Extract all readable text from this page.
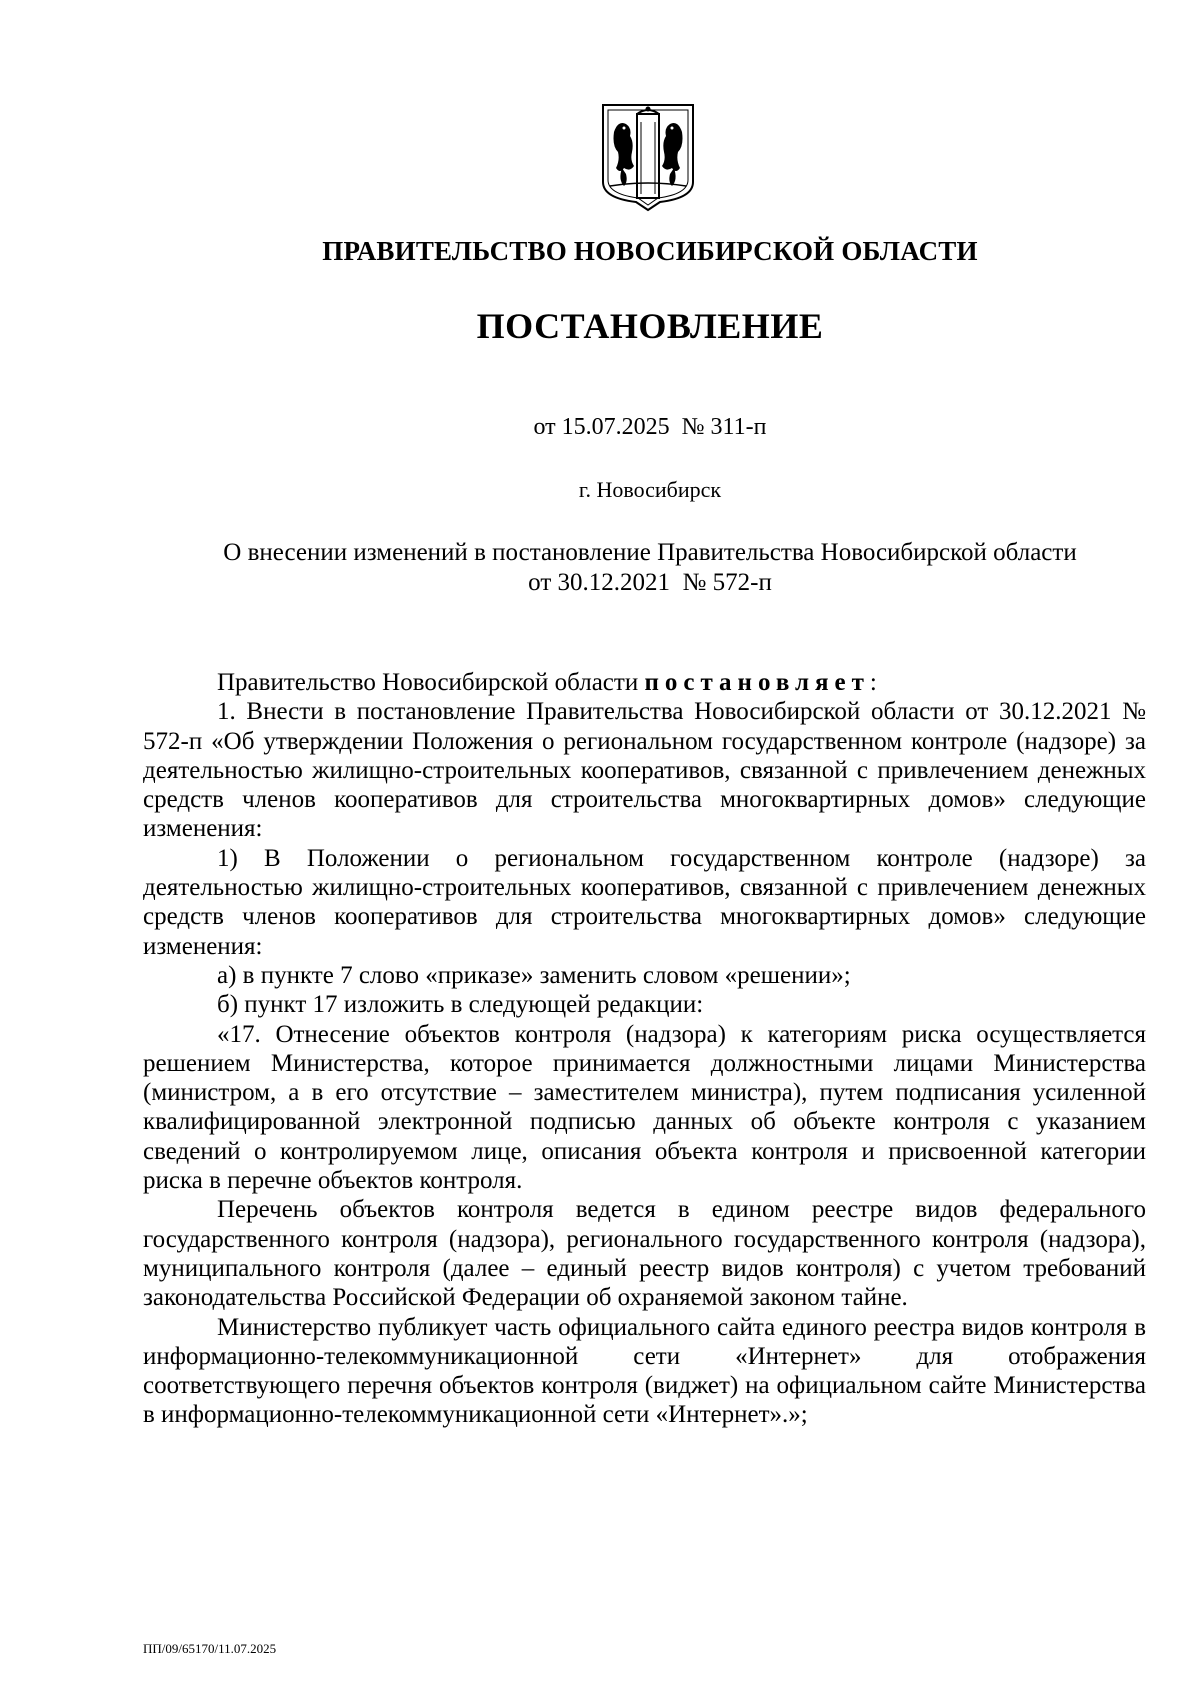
ПРАВИТЕЛЬСТВО НОВОСИБИРСКОЙ ОБЛАСТИ
ПОСТАНОВЛЕНИЕ
от 15.07.2025  № 311-п
г. Новосибирск
О внесении изменений в постановление Правительства Новосибирской области
от 30.12.2021  № 572-п

Правительство Новосибирской области постановляет:

1. Внести в постановление Правительства Новосибирской области от 30.12.2021 № 572-п «Об утверждении Положения о региональном государственном контроле (надзоре) за деятельностью жилищно-строительных кооперативов, связанной с привлечением денежных средств членов кооперативов для строительства многоквартирных домов» следующие изменения:

1) В Положении о региональном государственном контроле (надзоре) за деятельностью жилищно-строительных кооперативов, связанной с привлечением денежных средств членов кооперативов для строительства многоквартирных домов» следующие изменения:

а) в пункте 7 слово «приказе» заменить словом «решении»;

б) пункт 17 изложить в следующей редакции:

«17. Отнесение объектов контроля (надзора) к категориям риска осуществляется решением Министерства, которое принимается должностными лицами Министерства (министром, а в его отсутствие – заместителем министра), путем подписания усиленной квалифицированной электронной подписью данных об объекте контроля с указанием сведений о контролируемом лице, описания объекта контроля и присвоенной категории риска в перечне объектов контроля.

Перечень объектов контроля ведется в едином реестре видов федерального государственного контроля (надзора), регионального государственного контроля (надзора), муниципального контроля (далее – единый реестр видов контроля) с учетом требований законодательства Российской Федерации об охраняемой законом тайне.

Министерство публикует часть официального сайта единого реестра видов контроля в информационно-телекоммуникационной сети «Интернет» для отображения соответствующего перечня объектов контроля (виджет) на официальном сайте Министерства в информационно-телекоммуникационной сети «Интернет».»;

ПП/09/65170/11.07.2025
